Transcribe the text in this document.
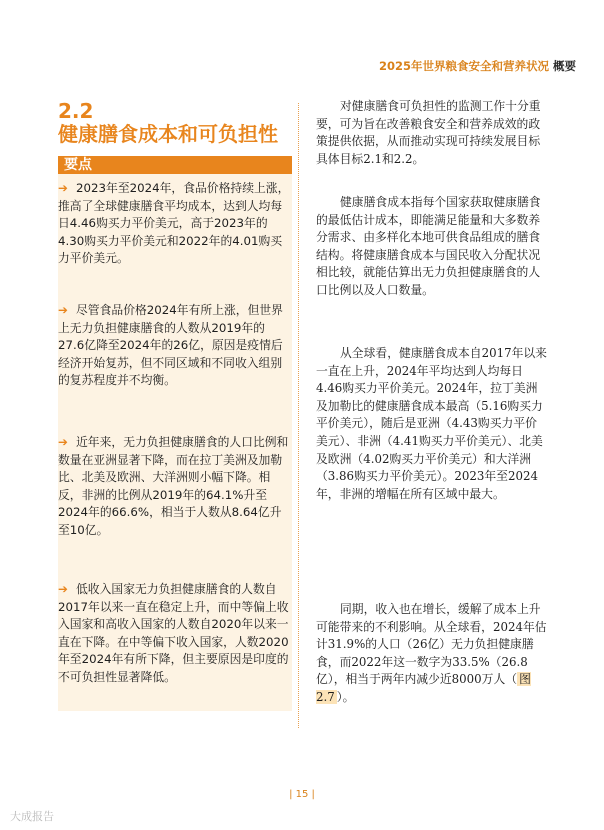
2025年世界粮食安全和营养状况 概要
2.2
健康膳食成本和可负担性
要点
➔ 2023年至2024年，食品价格持续上涨，推高了全球健康膳食平均成本，达到人均每日4.46购买力平价美元，高于2023年的4.30购买力平价美元和2022年的4.01购买力平价美元。
➔ 尽管食品价格2024年有所上涨，但世界上无力负担健康膳食的人数从2019年的27.6亿降至2024年的26亿，原因是疫情后经济开始复苏，但不同区域和不同收入组别的复苏程度并不均衡。
➔ 近年来，无力负担健康膳食的人口比例和数量在亚洲显著下降，而在拉丁美洲及加勒比、北美及欧洲、大洋洲则小幅下降。相反，非洲的比例从2019年的64.1%升至2024年的66.6%，相当于人数从8.64亿升至10亿。
➔ 低收入国家无力负担健康膳食的人数自2017年以来一直在稳定上升，而中等偏上收入国家和高收入国家的人数自2020年以来一直在下降。在中等偏下收入国家，人数2020年至2024年有所下降，但主要原因是印度的不可负担性显著降低。
对健康膳食可负担性的监测工作十分重要，可为旨在改善粮食安全和营养成效的政策提供依据，从而推动实现可持续发展目标具体目标2.1和2.2。
健康膳食成本指每个国家获取健康膳食的最低估计成本，即能满足能量和大多数养分需求、由多样化本地可供食品组成的膳食结构。将健康膳食成本与国民收入分配状况相比较，就能估算出无力负担健康膳食的人口比例以及人口数量。
从全球看，健康膳食成本自2017年以来一直在上升，2024年平均达到人均每日4.46购买力平价美元。2024年，拉丁美洲及加勒比的健康膳食成本最高（5.16购买力平价美元），随后是亚洲（4.43购买力平价美元）、非洲（4.41购买力平价美元）、北美及欧洲（4.02购买力平价美元）和大洋洲（3.86购买力平价美元）。2023年至2024年，非洲的增幅在所有区域中最大。
同期，收入也在增长，缓解了成本上升可能带来的不利影响。从全球看，2024年估计31.9%的人口（26亿）无力负担健康膳食，而2022年这一数字为33.5%（26.8亿），相当于两年内减少近8000万人（ 图2.7 ）。
| 15 |
大成报告
